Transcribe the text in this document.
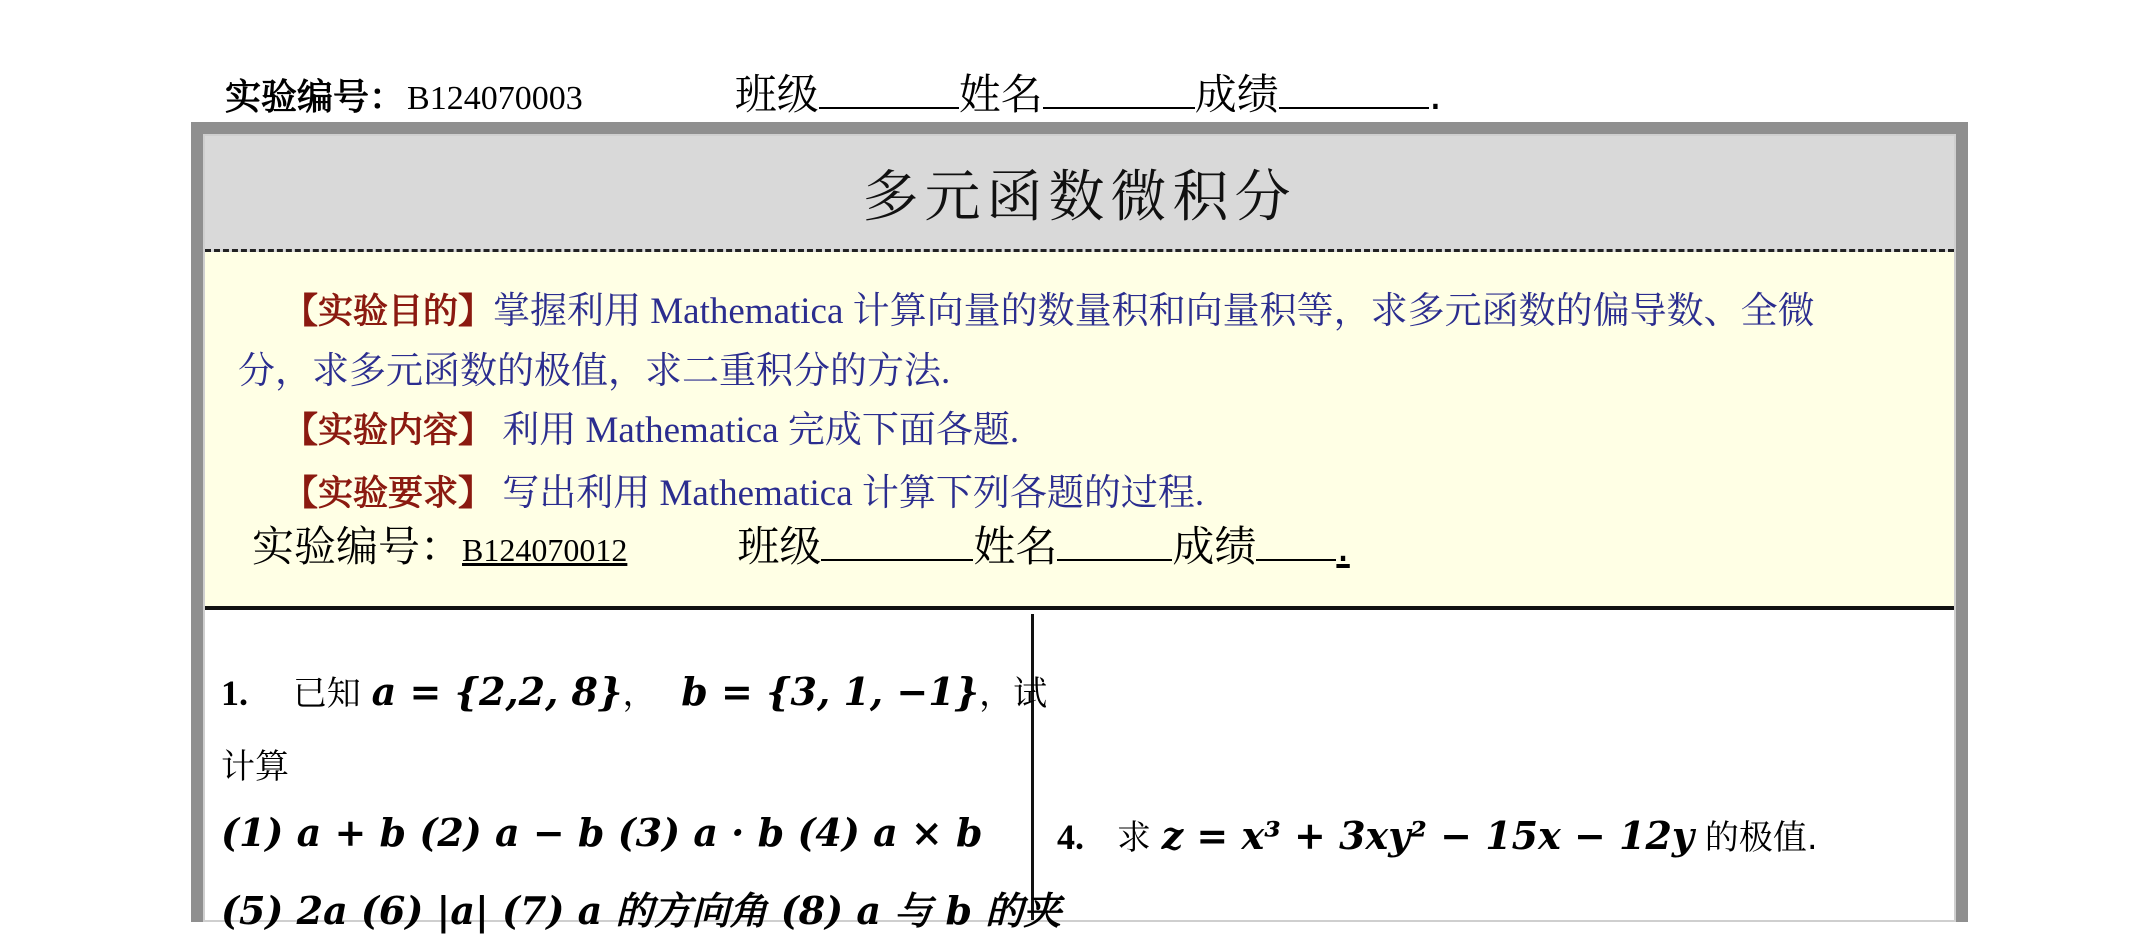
实验编号： B124070003	班级	姓名	成绩	.
多元函数微积分
【实验目的】掌握利用 Mathematica 计算向量的数量积和向量积等，求多元函数的偏导数、全微
分，求多元函数的极值，求二重积分的方法.
【实验内容】 利用 Mathematica 完成下面各题.
【实验要求】 写出利用 Mathematica 计算下列各题的过程.
实验编号： B124070012	班级	姓名	成绩 .
1. 已知 a = {2,2, 8}， b = {3, 1, −1}，试
计算
(1) a + b (2) a − b (3) a · b (4) a × b
(5) 2a (6) |a| (7) a 的方向角 (8) a 与 b 的夹
4. 求 z = x³ + 3xy² − 15x − 12y 的极值.
